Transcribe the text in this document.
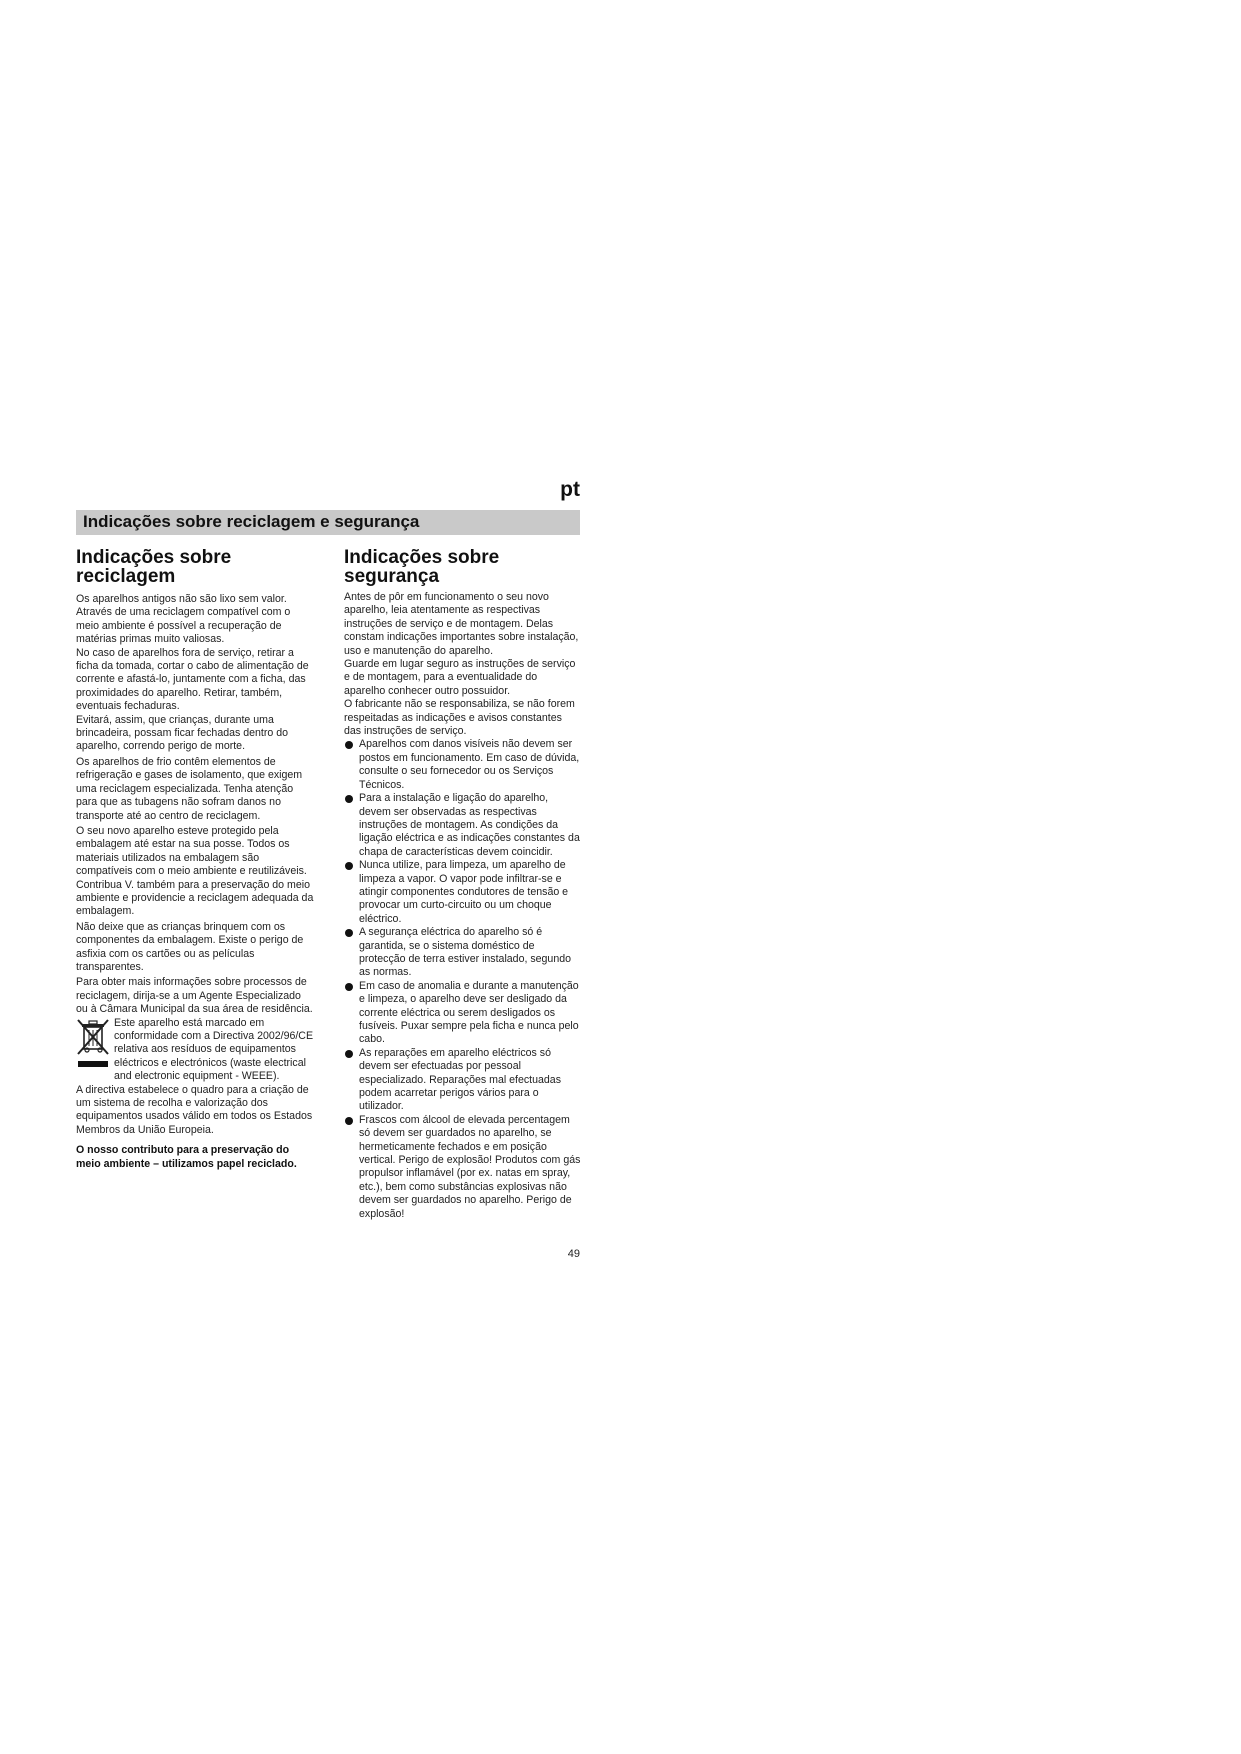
pt
Indicações sobre reciclagem e segurança
Indicações sobre
reciclagem

Os aparelhos antigos não são lixo sem valor. Através de uma reciclagem compatível com o meio ambiente é possível a recuperação de matérias primas muito valiosas.

No caso de aparelhos fora de serviço, retirar a ficha da tomada, cortar o cabo de alimentação de corrente e afastá-lo, juntamente com a ficha, das proximidades do aparelho. Retirar, também, eventuais fechaduras.

Evitará, assim, que crianças, durante uma brincadeira, possam ficar fechadas dentro do aparelho, correndo perigo de morte.

Os aparelhos de frio contêm elementos de refrigeração e gases de isolamento, que exigem uma reciclagem especializada. Tenha atenção para que as tubagens não sofram danos no transporte até ao centro de reciclagem.

O seu novo aparelho esteve protegido pela embalagem até estar na sua posse. Todos os materiais utilizados na embalagem são compatíveis com o meio ambiente e reutilizáveis.

Contribua V. também para a preservação do meio ambiente e providencie a reciclagem adequada da embalagem.

Não deixe que as crianças brinquem com os componentes da embalagem. Existe o perigo de asfixia com os cartões ou as películas transparentes.

Para obter mais informações sobre processos de reciclagem, dirija-se a um Agente Especializado ou à Câmara Municipal da sua área de residência.

Este aparelho está marcado em conformidade com a Directiva 2002/96/CE relativa aos resíduos de equipamentos eléctricos e electrónicos (waste electrical and electronic equipment - WEEE).

A directiva estabelece o quadro para a criação de um sistema de recolha e valorização dos equipamentos usados válido em todos os Estados Membros da União Europeia.

O nosso contributo para a preservação do meio ambiente – utilizamos papel reciclado.

Indicações sobre segurança

Antes de pôr em funcionamento o seu novo aparelho, leia atentamente as respectivas instruções de serviço e de montagem. Delas constam indicações importantes sobre instalação, uso e manutenção do aparelho.

Guarde em lugar seguro as instruções de serviço e de montagem, para a eventualidade do aparelho conhecer outro possuidor.

O fabricante não se responsabiliza, se não forem respeitadas as indicações e avisos constantes das instruções de serviço.

Aparelhos com danos visíveis não devem ser postos em funcionamento. Em caso de dúvida, consulte o seu fornecedor ou os Serviços Técnicos.
Para a instalação e ligação do aparelho, devem ser observadas as respectivas instruções de montagem. As condições da ligação eléctrica e as indicações constantes da chapa de características devem coincidir.
Nunca utilize, para limpeza, um aparelho de limpeza a vapor. O vapor pode infiltrar-se e atingir componentes condutores de tensão e provocar um curto-circuito ou um choque eléctrico.
A segurança eléctrica do aparelho só é garantida, se o sistema doméstico de protecção de terra estiver instalado, segundo as normas.
Em caso de anomalia e durante a manutenção e limpeza, o aparelho deve ser desligado da corrente eléctrica ou serem desligados os fusíveis. Puxar sempre pela ficha e nunca pelo cabo.
As reparações em aparelho eléctricos só devem ser efectuadas por pessoal especializado. Reparações mal efectuadas podem acarretar perigos vários para o utilizador.
Frascos com álcool de elevada percentagem só devem ser guardados no aparelho, se hermeticamente fechados e em posição vertical. Perigo de explosão! Produtos com gás propulsor inflamável (por ex. natas em spray, etc.), bem como substâncias explosivas não devem ser guardados no aparelho. Perigo de explosão!
49
